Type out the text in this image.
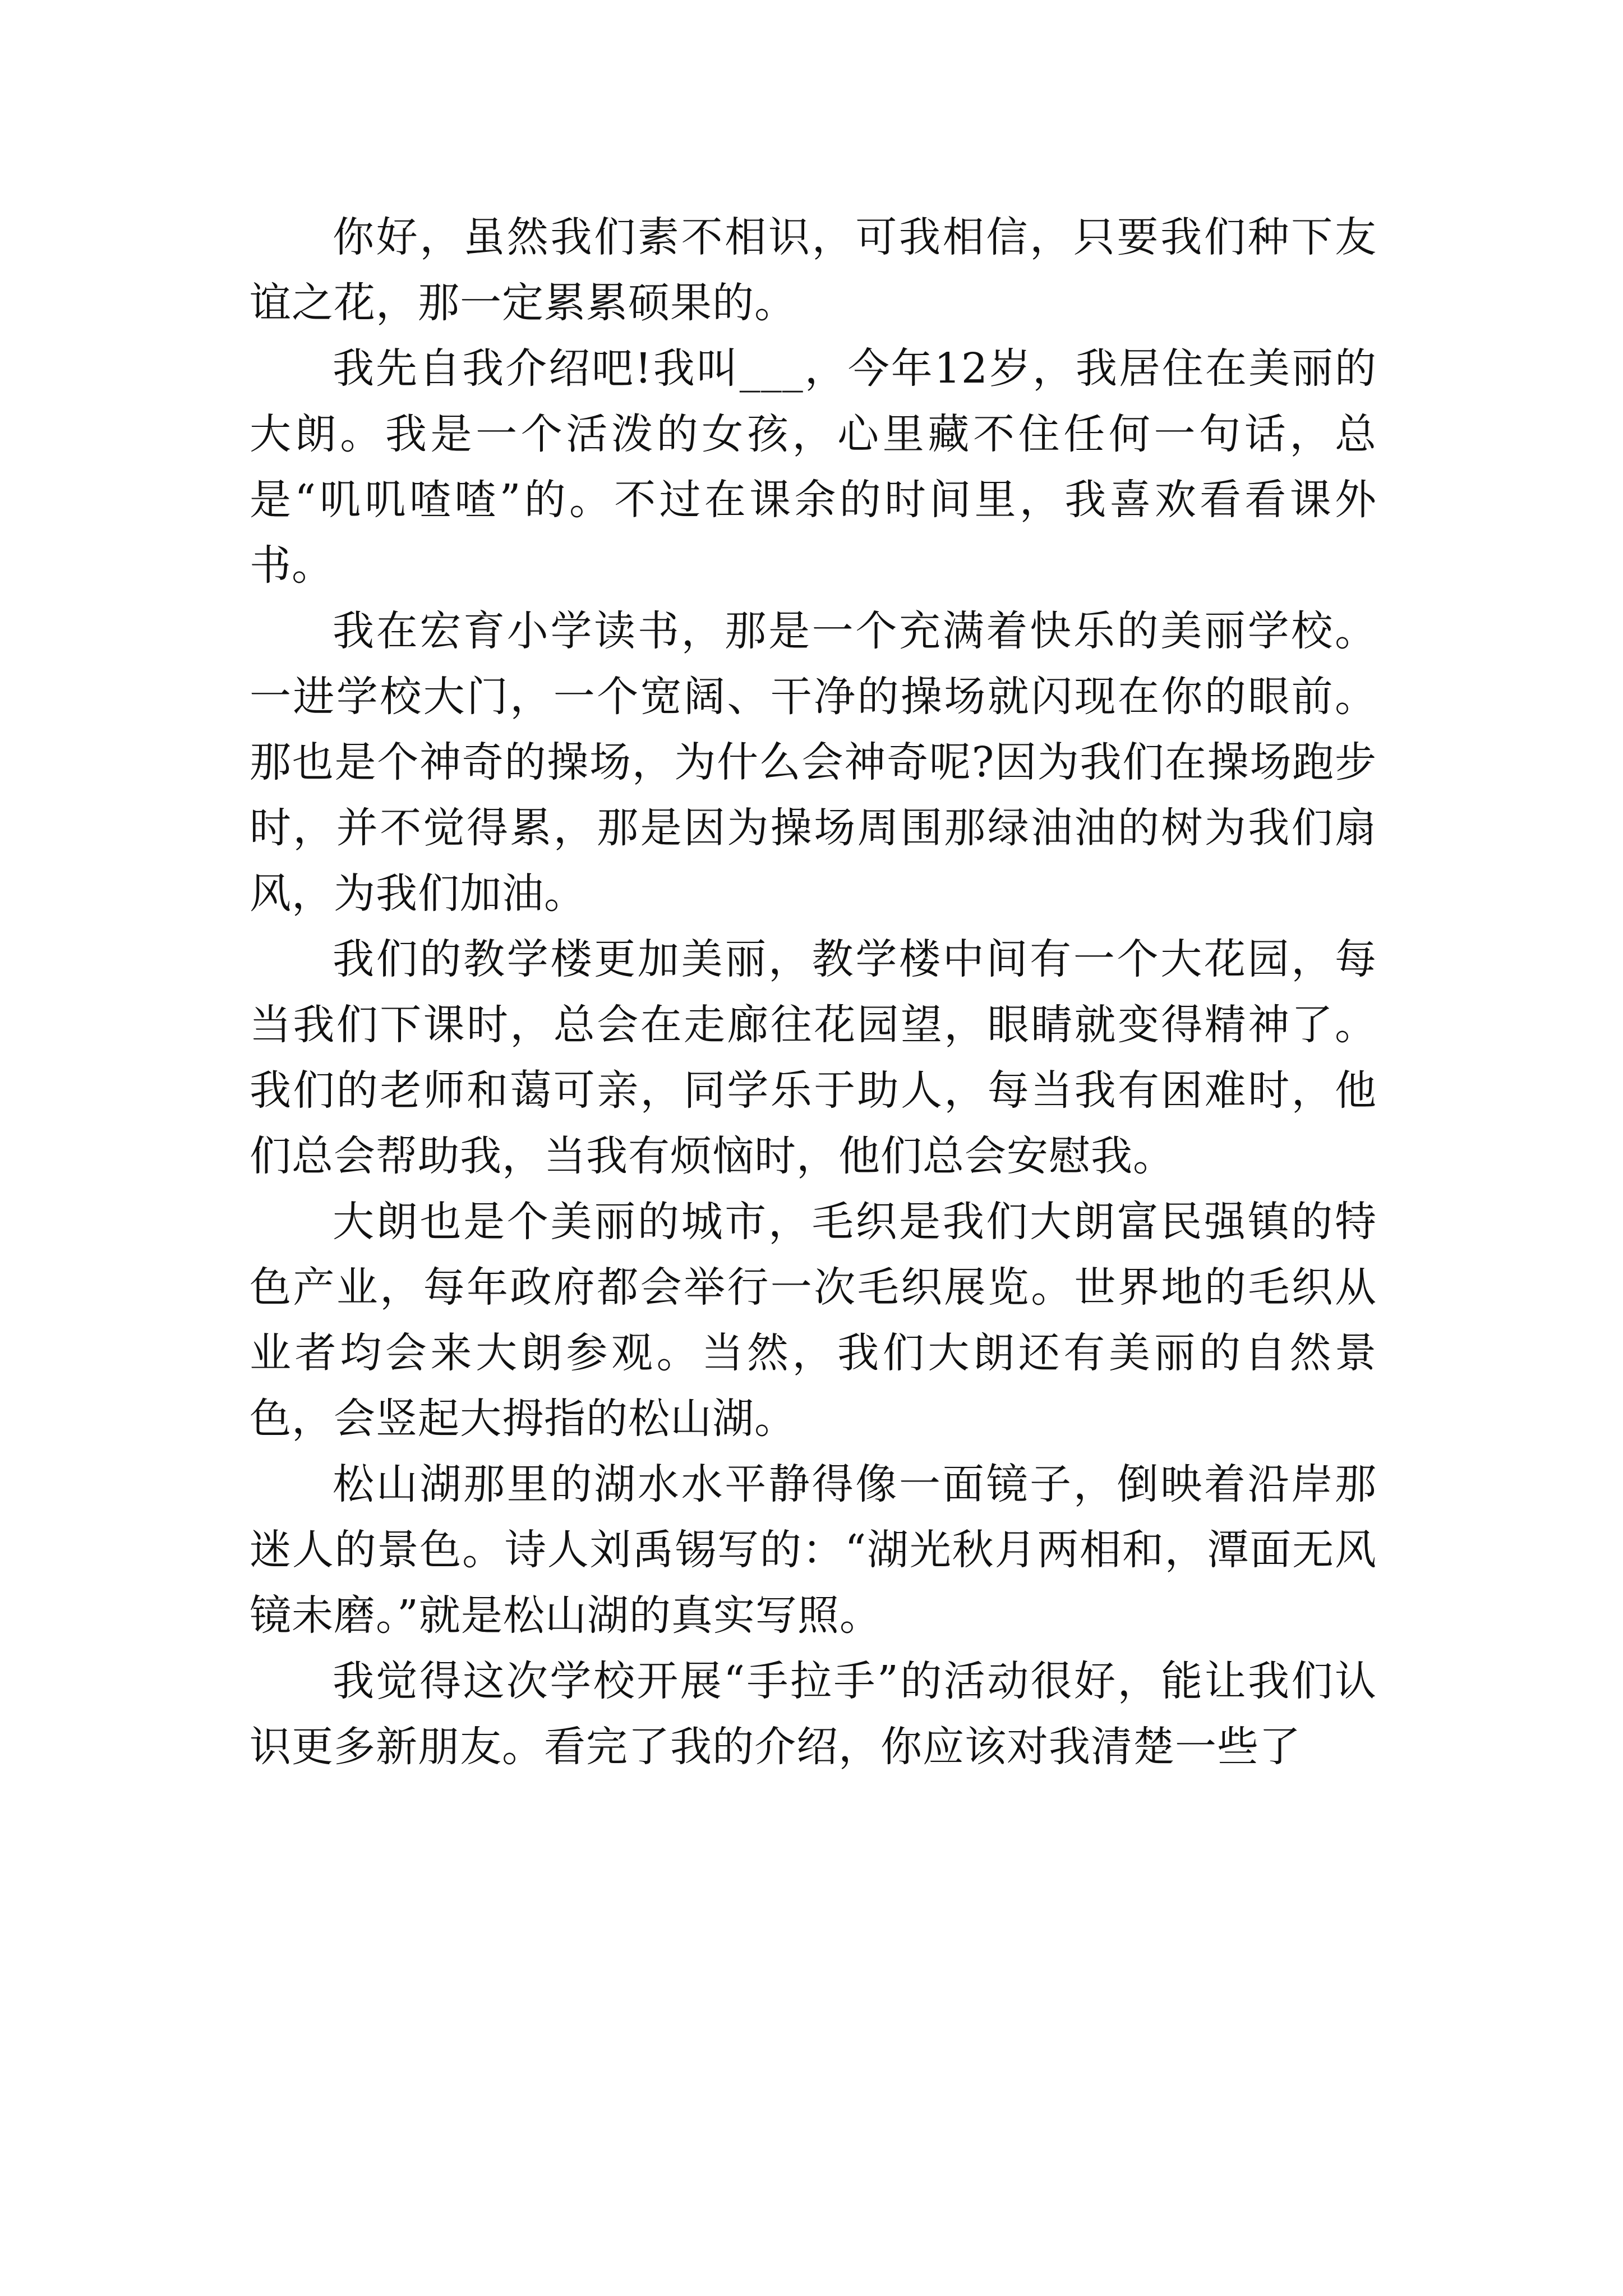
你好，虽然我们素不相识，可我相信，只要我们种下友谊之花，那一定累累硕果的。

我先自我介绍吧!我叫___，今年12岁，我居住在美丽的大朗。我是一个活泼的女孩，心里藏不住任何一句话，总是“叽叽喳喳”的。不过在课余的时间里，我喜欢看看课外书。

我在宏育小学读书，那是一个充满着快乐的美丽学校。一进学校大门，一个宽阔、干净的操场就闪现在你的眼前。那也是个神奇的操场，为什么会神奇呢?因为我们在操场跑步时，并不觉得累，那是因为操场周围那绿油油的树为我们扇风，为我们加油。

我们的教学楼更加美丽，教学楼中间有一个大花园，每当我们下课时，总会在走廊往花园望，眼睛就变得精神了。我们的老师和蔼可亲，同学乐于助人，每当我有困难时，他们总会帮助我，当我有烦恼时，他们总会安慰我。

大朗也是个美丽的城市，毛织是我们大朗富民强镇的特色产业，每年政府都会举行一次毛织展览。世界地的毛织从业者均会来大朗参观。当然，我们大朗还有美丽的自然景色，会竖起大拇指的松山湖。

松山湖那里的湖水水平静得像一面镜子，倒映着沿岸那迷人的景色。诗人刘禹锡写的：“湖光秋月两相和，潭面无风镜未磨。”就是松山湖的真实写照。

我觉得这次学校开展“手拉手”的活动很好，能让我们认识更多新朋友。看完了我的介绍，你应该对我清楚一些了
